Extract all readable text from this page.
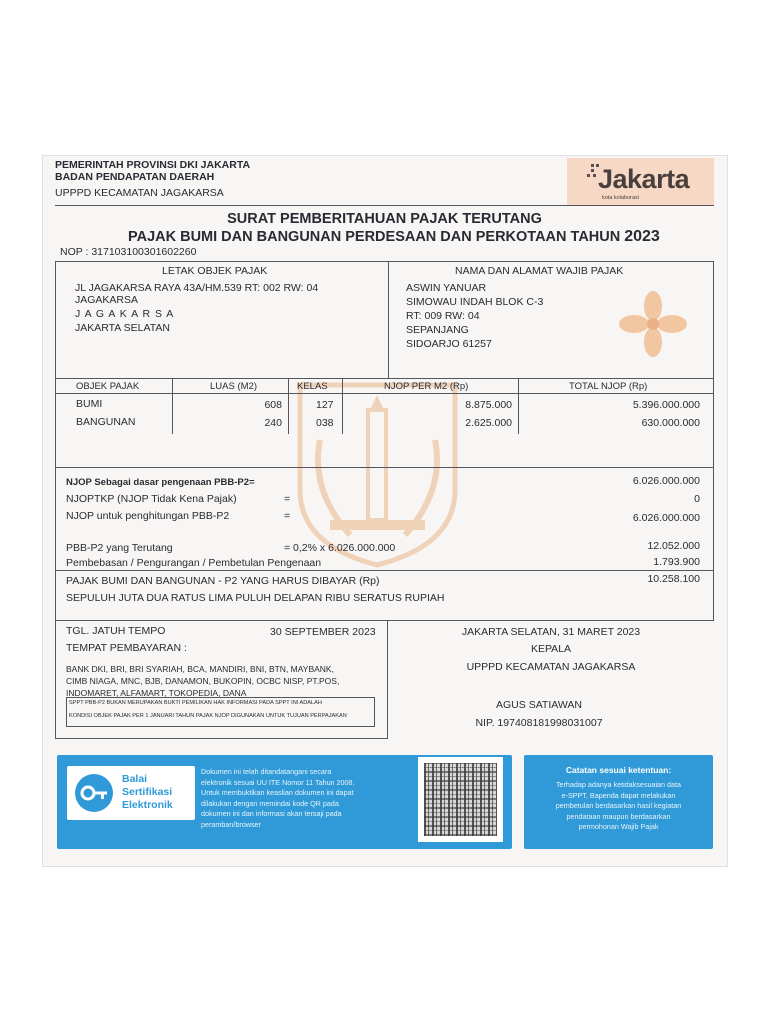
PEMERINTAH PROVINSI DKI JAKARTA
BADAN PENDAPATAN DAERAH
UPPPD KECAMATAN JAGAKARSA	Jakarta
kota kolaborasi
SURAT PEMBERITAHUAN PAJAK TERUTANG
PAJAK BUMI DAN BANGUNAN PERDESAAN DAN PERKOTAAN TAHUN 2023
NOP : 317103100301602260
LETAK OBJEK PAJAK
JL JAGAKARSA RAYA 43A/HM.539 RT: 002 RW: 04
JAGAKARSA
J A G A K A R S A
JAKARTA SELATAN
NAMA DAN ALAMAT WAJIB PAJAK
ASWIN YANUAR
SIMOWAU INDAH BLOK C-3
RT: 009 RW: 04
SEPANJANG
SIDOARJO 61257
OBJEK PAJAK	LUAS (M2)	KELAS	NJOP PER M2 (Rp)	TOTAL NJOP (Rp)
BUMI	608	127	8.875.000	5.396.000.000
BANGUNAN	240	038	2.625.000	630.000.000
NJOP Sebagai dasar pengenaan PBB-P2=	6.026.000.000
NJOPTKP (NJOP Tidak Kena Pajak)	=	0
NJOP untuk penghitungan PBB-P2	=	6.026.000.000
PBB-P2 yang Terutang	= 0,2% x 6.026.000.000	12.052.000
Pembebasan / Pengurangan / Pembetulan Pengenaan	1.793.900
PAJAK BUMI DAN BANGUNAN - P2 YANG HARUS DIBAYAR (Rp)	10.258.100
SEPULUH JUTA DUA RATUS LIMA PULUH DELAPAN RIBU SERATUS RUPIAH
TGL. JATUH TEMPO	30 SEPTEMBER 2023
TEMPAT PEMBAYARAN :
BANK DKI, BRI, BRI SYARIAH, BCA, MANDIRI, BNI, BTN, MAYBANK,
CIMB NIAGA, MNC, BJB, DANAMON, BUKOPIN, OCBC NISP, PT.POS,
INDOMARET, ALFAMART, TOKOPEDIA, DANA
SPPT PBB-P2 BUKAN MERUPAKAN BUKTI PEMILIKAN HAK INFORMASI PADA SPPT INI ADALAH
KONDISI OBJEK PAJAK PER 1 JANUARI TAHUN PAJAK NJOP DIGUNAKAN UNTUK TUJUAN PERPAJAKAN
JAKARTA SELATAN, 31 MARET 2023
KEPALA
UPPPD KECAMATAN JAGAKARSA
AGUS SATIAWAN
NIP. 197408181998031007
Balai
Sertifikasi
Elektronik
Dokumen ini telah ditandatangani secara
elektronik sesuai UU ITE Nomor 11 Tahun 2008.
Untuk membuktikan keaslian dokumen ini dapat
dilakukan dengan memindai kode QR pada
dokumen ini dan informasi akan tersaji pada
peramban/browser
Catatan sesuai ketentuan:
Terhadap adanya ketidaksesuaian data
e-SPPT, Bapenda dapat melakukan
pembetulan berdasarkan hasil kegiatan
pendataan maupun berdasarkan
permohonan Wajib Pajak
